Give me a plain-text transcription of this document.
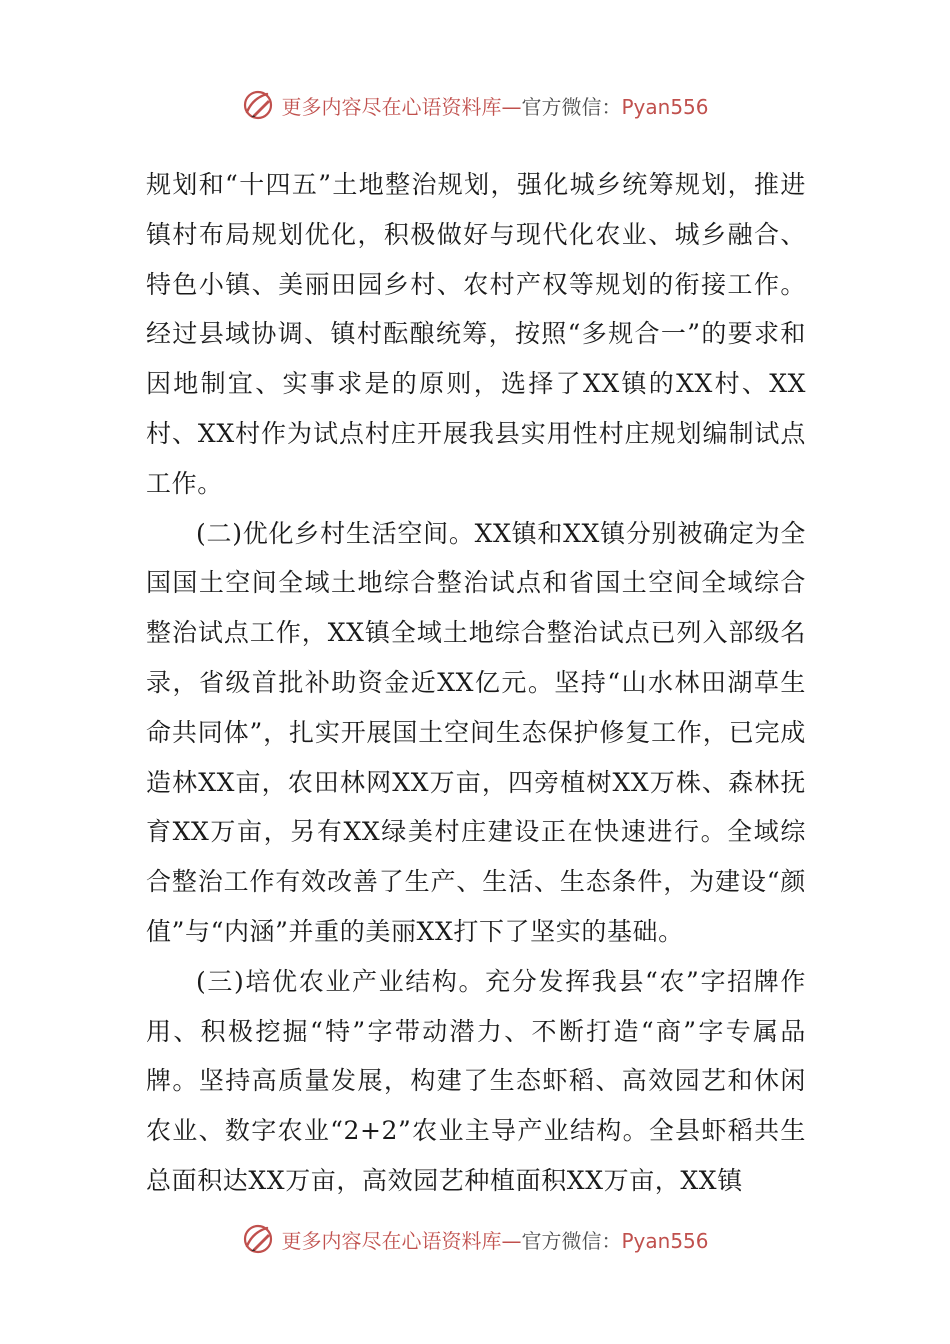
更多内容尽在心语资料库—官方微信：Pyan556

规划和“十四五”土地整治规划，强化城乡统筹规划，推进镇村布局规划优化，积极做好与现代化农业、城乡融合、特色小镇、美丽田园乡村、农村产权等规划的衔接工作。经过县域协调、镇村酝酿统筹，按照“多规合一”的要求和因地制宜、实事求是的原则，选择了XX镇的XX村、XX村、XX村作为试点村庄开展我县实用性村庄规划编制试点工作。

(二)优化乡村生活空间。XX镇和XX镇分别被确定为全国国土空间全域土地综合整治试点和省国土空间全域综合整治试点工作，XX镇全域土地综合整治试点已列入部级名录，省级首批补助资金近XX亿元。坚持“山水林田湖草生命共同体”，扎实开展国土空间生态保护修复工作，已完成造林XX亩，农田林网XX万亩，四旁植树XX万株、森林抚育XX万亩，另有XX绿美村庄建设正在快速进行。全域综合整治工作有效改善了生产、生活、生态条件，为建设“颜值”与“内涵”并重的美丽XX打下了坚实的基础。

(三)培优农业产业结构。充分发挥我县“农”字招牌作用、积极挖掘“特”字带动潜力、不断打造“商”字专属品牌。坚持高质量发展，构建了生态虾稻、高效园艺和休闲农业、数字农业“2+2”农业主导产业结构。全县虾稻共生总面积达XX万亩，高效园艺种植面积XX万亩，XX镇

更多内容尽在心语资料库—官方微信：Pyan556
